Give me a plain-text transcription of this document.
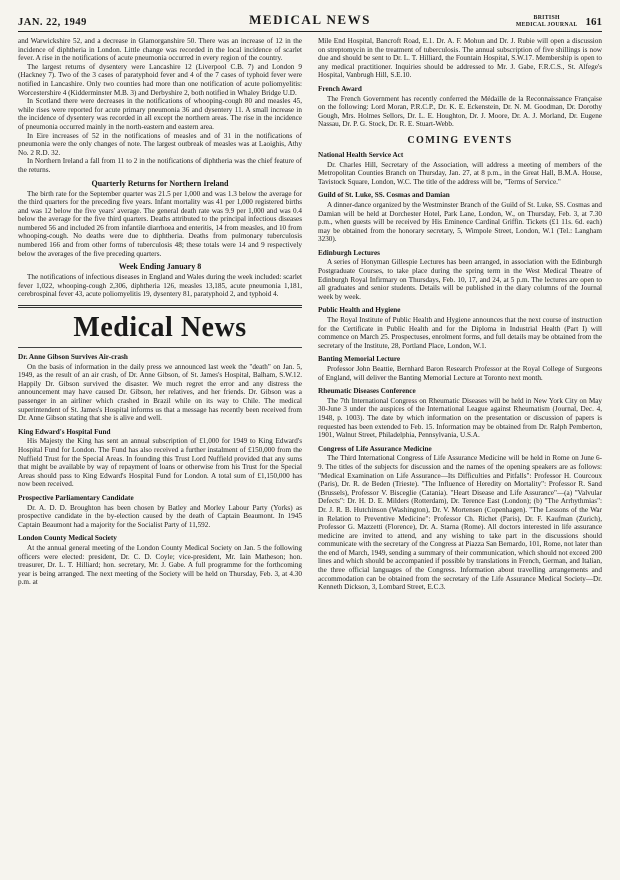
JAN. 22, 1949	MEDICAL NEWS	BRITISH
MEDICAL JOURNAL 161

and Warwickshire 52, and a decrease in Glamorganshire 50. There was an increase of 12 in the incidence of diphtheria in London. Little change was recorded in the local incidence of scarlet fever. A rise in the notifications of acute pneumonia occurred in every region of the country.

The largest returns of dysentery were Lancashire 12 (Liverpool C.B. 7) and London 9 (Hackney 7). Two of the 3 cases of paratyphoid fever and 4 of the 7 cases of typhoid fever were notified in Lancashire. Only two counties had more than one notification of acute poliomyelitis: Worcestershire 4 (Kidderminster M.B. 3) and Derbyshire 2, both notified in Whaley Bridge U.D.

In Scotland there were decreases in the notifications of whooping-cough 80 and measles 45, while rises were reported for acute primary pneumonia 36 and dysentery 11. A small increase in the incidence of dysentery was recorded in all except the northern areas. The rise in the incidence of pneumonia occurred mainly in the north-eastern and eastern area.

In Eire increases of 52 in the notifications of measles and of 31 in the notifications of pneumonia were the only changes of note. The largest outbreak of measles was at Laoighis, Athy No. 2 R.D. 32.

In Northern Ireland a fall from 11 to 2 in the notifications of diphtheria was the chief feature of the returns.

Quarterly Returns for Northern Ireland

The birth rate for the September quarter was 21.5 per 1,000 and was 1.3 below the average for the third quarters for the preceding five years. Infant mortality was 41 per 1,000 registered births and was 12 below the five years' average. The general death rate was 9.9 per 1,000 and was 0.4 below the average for the five third quarters. Deaths attributed to the principal infectious diseases numbered 56 and included 26 from infantile diarrhoea and enteritis, 14 from measles, and 10 from whooping-cough. No deaths were due to diphtheria. Deaths from pulmonary tuberculosis numbered 166 and from other forms of tuberculosis 48; these totals were 14 and 9 respectively below the averages of the five preceding quarters.

Week Ending January 8

The notifications of infectious diseases in England and Wales during the week included: scarlet fever 1,022, whooping-cough 2,306, diphtheria 126, measles 13,185, acute pneumonia 1,181, cerebrospinal fever 43, acute poliomyelitis 19, dysentery 81, paratyphoid 2, and typhoid 4.

Medical News
Dr. Anne Gibson Survives Air-crash

On the basis of information in the daily press we announced last week the "death" on Jan. 5, 1949, as the result of an air crash, of Dr. Anne Gibson, of St. James's Hospital, Balham, S.W.12. Happily Dr. Gibson survived the disaster. We much regret the error and any distress the announcement may have caused Dr. Gibson, her relatives, and her friends. Dr. Gibson was a passenger in an airliner which crashed in Brazil while on its way to Chile. The medical superintendent of St. James's Hospital informs us that a message has recently been received from Dr. Anne Gibson stating that she is alive and well.

King Edward's Hospital Fund

His Majesty the King has sent an annual subscription of £1,000 for 1949 to King Edward's Hospital Fund for London. The Fund has also received a further instalment of £150,000 from the Nuffield Trust for the Special Areas. In founding this Trust Lord Nuffield provided that any sums that might be available by way of repayment of loans or otherwise from his Trust for the Special Areas should pass to King Edward's Hospital Fund for London. A total sum of £1,150,000 has now been received.

Prospective Parliamentary Candidate

Dr. A. D. D. Broughton has been chosen by Batley and Morley Labour Party (Yorks) as prospective candidate in the by-election caused by the death of Captain Beaumont. In 1945 Captain Beaumont had a majority for the Socialist Party of 11,592.

London County Medical Society

At the annual general meeting of the London County Medical Society on Jan. 5 the following officers were elected: president, Dr. C. D. Coyle; vice-president, Mr. Iain Matheson; hon. treasurer, Dr. L. T. Hilliard; hon. secretary, Mr. J. Gabe. A full programme for the forthcoming year is being arranged. The next meeting of the Society will be held on Thursday, Feb. 3, at 4.30 p.m. at

Mile End Hospital, Bancroft Road, E.1. Dr. A. F. Mohun and Dr. J. Rubie will open a discussion on streptomycin in the treatment of tuberculosis. The annual subscription of five shillings is now due and should be sent to Dr. L. T. Hilliard, the Fountain Hospital, S.W.17. Membership is open to any medical practitioner. Inquiries should be addressed to Mr. J. Gabe, F.R.C.S., St. Alfege's Hospital, Vanbrugh Hill, S.E.10.

French Award

The French Government has recently conferred the Médaille de la Reconnaissance Française on the following: Lord Moran, P.R.C.P., Dr. K. E. Eckenstein, Dr. N. M. Goodman, Dr. Dorothy Gough, Mrs. Holmes Sellors, Dr. L. E. Houghton, Dr. J. Moore, Dr. A. J. Morland, Dr. Eugene Nassau, Dr. P. G. Stock, Dr. R. E. Stuart-Webb.

COMING EVENTS
National Health Service Act

Dr. Charles Hill, Secretary of the Association, will address a meeting of members of the Metropolitan Counties Branch on Thursday, Jan. 27, at 8 p.m., in the Great Hall, B.M.A. House, Tavistock Square, London, W.C. The title of the address will be, "Terms of Service."

Guild of St. Luke, SS. Cosmas and Damian

A dinner-dance organized by the Westminster Branch of the Guild of St. Luke, SS. Cosmas and Damian will be held at Dorchester Hotel, Park Lane, London, W., on Thursday, Feb. 3, at 7.30 p.m., when guests will be received by His Eminence Cardinal Griffin. Tickets (£1 11s. 6d. each) may be obtained from the honorary secretary, 5, Wimpole Street, London, W.1 (Tel.: Langham 3230).

Edinburgh Lectures

A series of Honyman Gillespie Lectures has been arranged, in association with the Edinburgh Postgraduate Courses, to take place during the spring term in the West Medical Theatre of Edinburgh Royal Infirmary on Thursdays, Feb. 10, 17, and 24, at 5 p.m. The lectures are open to all graduates and senior students. Details will be published in the diary columns of the Journal week by week.

Public Health and Hygiene

The Royal Institute of Public Health and Hygiene announces that the next course of instruction for the Certificate in Public Health and for the Diploma in Industrial Health (Part I) will commence on March 25. Prospectuses, enrolment forms, and full details may be obtained from the secretary of the Institute, 28, Portland Place, London, W.1.

Banting Memorial Lecture

Professor John Beattie, Bernhard Baron Research Professor at the Royal College of Surgeons of England, will deliver the Banting Memorial Lecture at Toronto next month.

Rheumatic Diseases Conference

The 7th International Congress on Rheumatic Diseases will be held in New York City on May 30-June 3 under the auspices of the International League against Rheumatism (Journal, Dec. 4, 1948, p. 1003). The date by which information on the presentation or discussion of papers is requested has been extended to Feb. 15. Information may be obtained from Dr. Ralph Pemberton, 1901, Walnut Street, Philadelphia, Pennsylvania, U.S.A.

Congress of Life Assurance Medicine

The Third International Congress of Life Assurance Medicine will be held in Rome on June 6-9. The titles of the subjects for discussion and the names of the opening speakers are as follows: "Medical Examination on Life Assurance—Its Difficulties and Pitfalls": Professor H. Courcoux (Paris), Dr. R. de Beden (Trieste). "The Influence of Heredity on Mortality": Professor R. Sand (Brussels), Professor V. Bisceglie (Catania). "Heart Disease and Life Assurance"—(a) "Valvular Defects": Dr. H. D. E. Milders (Rotterdam), Dr. Terence East (London); (b) "The Arrhythmias": Dr. J. R. B. Hutchinson (Washington), Dr. V. Mortensen (Copenhagen). "The Lessons of the War in Relation to Preventive Medicine": Professor Ch. Richet (Paris), Dr. F. Kaufman (Zurich), Professor G. Mazzetti (Florence), Dr. A. Starna (Rome). All doctors interested in life assurance medicine are invited to attend, and any wishing to take part in the discussions should communicate with the secretary of the Congress at Piazza San Bernardo, 101, Rome, not later than the end of March, 1949, sending a summary of their communication, which should not exceed 200 lines and which should be accompanied if possible by translations in French, German, and Italian, the three official languages of the Congress. Information about travelling arrangements and accommodation can be obtained from the secretary of the Life Assurance Medical Society—Dr. Kenneth Dickson, 3, Lombard Street, E.C.3.
